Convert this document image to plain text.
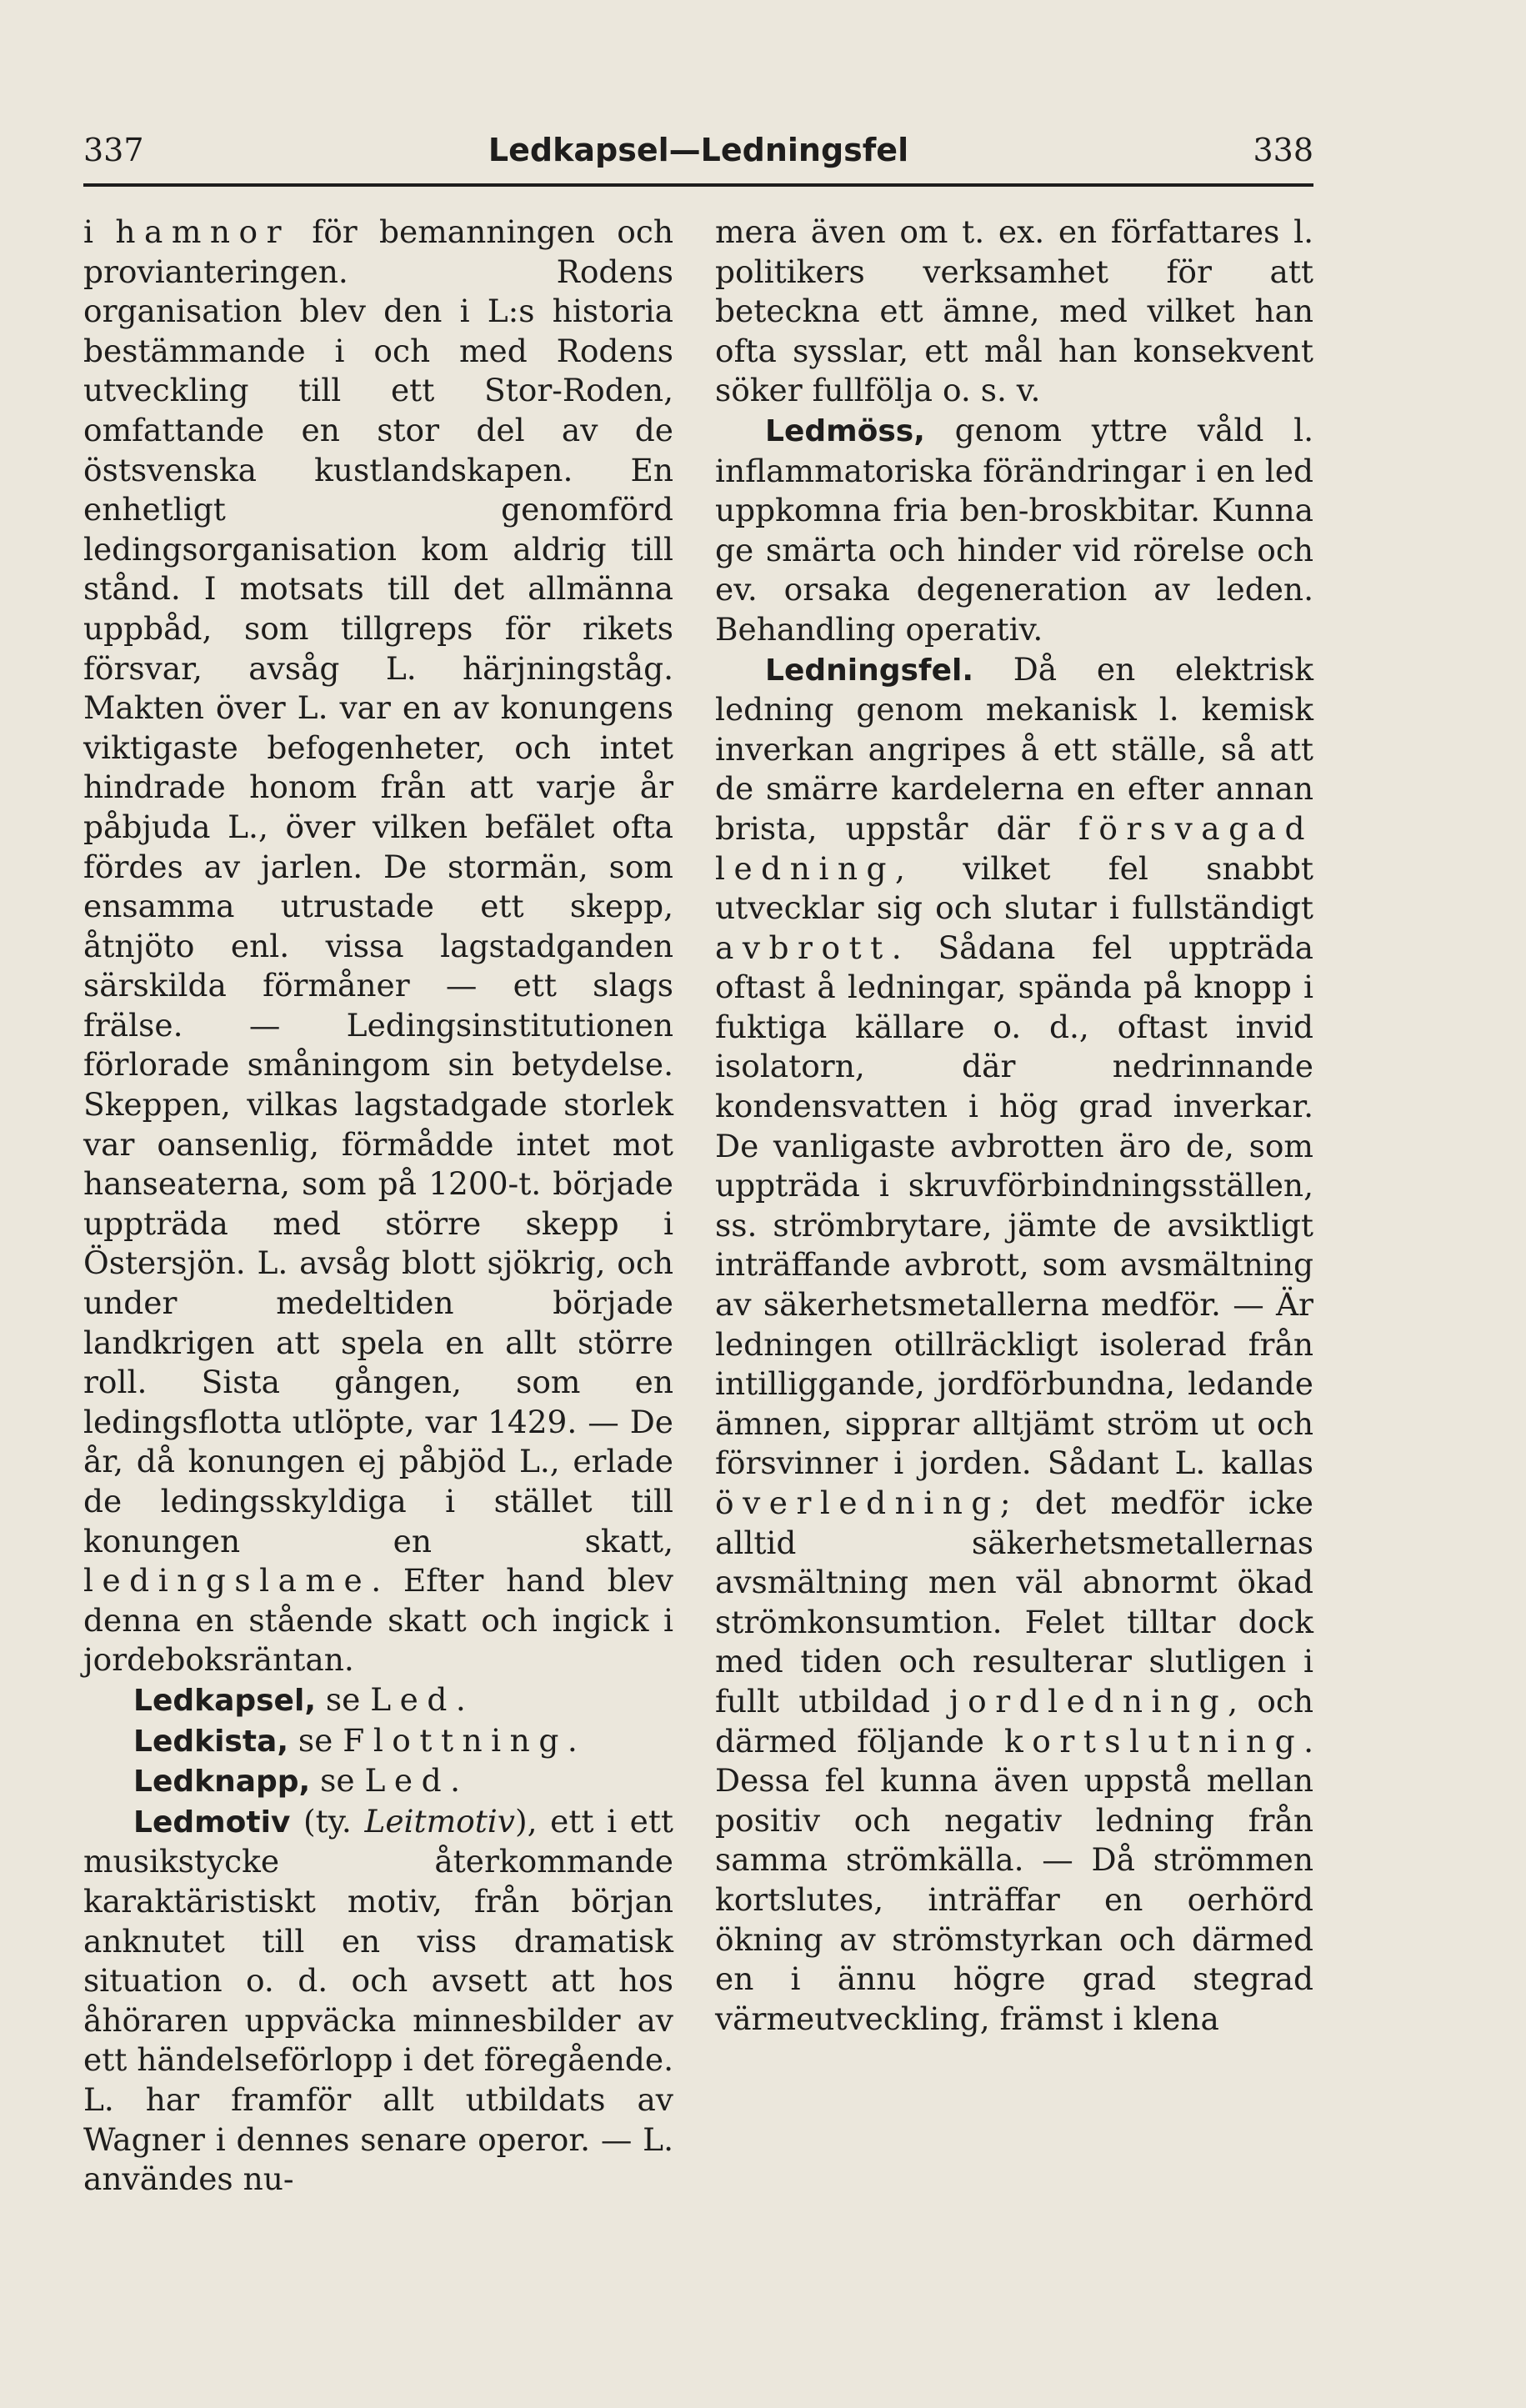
337	Ledkapsel—Ledningsfel	338

i hamnor för bemanningen och provianteringen. Rodens organisation blev den i L:s historia bestämmande i och med Rodens utveckling till ett Stor-Roden, omfattande en stor del av de östsvenska kustlandskapen. En enhetligt genomförd ledingsorganisation kom aldrig till stånd. I motsats till det allmänna uppbåd, som tillgreps för rikets försvar, avsåg L. härjningståg. Makten över L. var en av konungens viktigaste befogenheter, och intet hindrade honom från att varje år påbjuda L., över vilken befälet ofta fördes av jarlen. De stormän, som ensamma utrustade ett skepp, åtnjöto enl. vissa lagstadganden särskilda förmåner — ett slags frälse. — Ledingsinstitutionen förlorade småningom sin betydelse. Skeppen, vilkas lagstadgade storlek var oansenlig, förmådde intet mot hanseaterna, som på 1200-t. började uppträda med större skepp i Östersjön. L. avsåg blott sjökrig, och under medeltiden började landkrigen att spela en allt större roll. Sista gången, som en ledingsflotta utlöpte, var 1429. — De år, då konungen ej påbjöd L., erlade de ledingsskyldiga i stället till konungen en skatt, ledingslame. Efter hand blev denna en stående skatt och ingick i jordeboksräntan.

Ledkapsel, se Led.

Ledkista, se Flottning.

Ledknapp, se Led.

Ledmotiv (ty. Leitmotiv), ett i ett musikstycke återkommande karaktäristiskt motiv, från början anknutet till en viss dramatisk situation o. d. och avsett att hos åhöraren uppväcka minnesbilder av ett händelseförlopp i det föregående. L. har framför allt utbildats av Wagner i dennes senare operor. — L. användes nu-

mera även om t. ex. en författares l. politikers verksamhet för att beteckna ett ämne, med vilket han ofta sysslar, ett mål han konsekvent söker fullfölja o. s. v.

Ledmöss, genom yttre våld l. inflammatoriska förändringar i en led uppkomna fria ben-broskbitar. Kunna ge smärta och hinder vid rörelse och ev. orsaka degeneration av leden. Behandling operativ.

Ledningsfel. Då en elektrisk ledning genom mekanisk l. kemisk inverkan angripes å ett ställe, så att de smärre kardelerna en efter annan brista, uppstår där försvagad ledning, vilket fel snabbt utvecklar sig och slutar i fullständigt avbrott. Sådana fel uppträda oftast å ledningar, spända på knopp i fuktiga källare o. d., oftast invid isolatorn, där nedrinnande kondensvatten i hög grad inverkar. De vanligaste avbrotten äro de, som uppträda i skruvförbindningsställen, ss. strömbrytare, jämte de avsiktligt inträffande avbrott, som avsmältning av säkerhetsmetallerna medför. — Är ledningen otillräckligt isolerad från intilliggande, jordförbundna, ledande ämnen, sipprar alltjämt ström ut och försvinner i jorden. Sådant L. kallas överledning; det medför icke alltid säkerhetsmetallernas avsmältning men väl abnormt ökad strömkonsumtion. Felet tilltar dock med tiden och resulterar slutligen i fullt utbildad jordledning, och därmed följande kortslutning. Dessa fel kunna även uppstå mellan positiv och negativ ledning från samma strömkälla. — Då strömmen kortslutes, inträffar en oerhörd ökning av strömstyrkan och därmed en i ännu högre grad stegrad värmeutveckling, främst i klena
